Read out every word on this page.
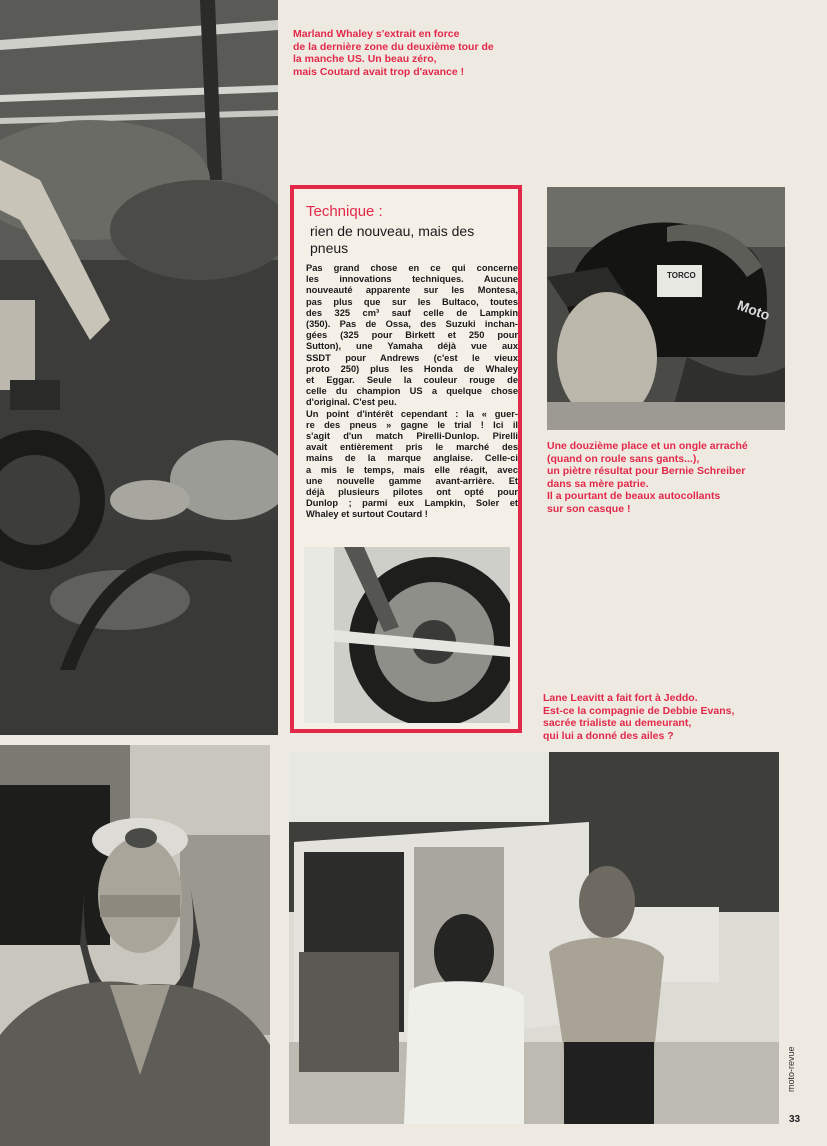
Marland Whaley s'extrait en force
de la dernière zone du deuxième tour de
la manche US. Un beau zéro,
mais Coutard avait trop d'avance !
Technique :
rien de nouveau, mais des pneus
Pas grand chose en ce qui concerne
les innovations techniques. Aucune
nouveauté apparente sur les Montesa,
pas plus que sur les Bultaco, toutes
des 325 cm³ sauf celle de Lampkin
(350). Pas de Ossa, des Suzuki inchan-
gées (325 pour Birkett et 250 pour
Sutton), une Yamaha déjà vue aux
SSDT pour Andrews (c'est le vieux
proto 250) plus les Honda de Whaley
et Eggar. Seule la couleur rouge de
celle du champion US a quelque chose
d'original. C'est peu.
Un point d'intérêt cependant : la « guer-
re des pneus » gagne le trial ! Ici il
s'agit d'un match Pirelli-Dunlop. Pirelli
avait entièrement pris le marché des
mains de la marque anglaise. Celle-ci
a mis le temps, mais elle réagit, avec
une nouvelle gamme avant-arrière. Et
déjà plusieurs pilotes ont opté pour
Dunlop ; parmi eux Lampkin, Soler et
Whaley et surtout Coutard !
TORCO
Moto
Une douzième place et un ongle arraché
(quand on roule sans gants...),
un piètre résultat pour Bernie Schreiber
dans sa mère patrie.
Il a pourtant de beaux autocollants
sur son casque !
Lane Leavitt a fait fort à Jeddo.
Est-ce la compagnie de Debbie Evans,
sacrée trialiste au demeurant,
qui lui a donné des ailes ?
moto-revue
33
